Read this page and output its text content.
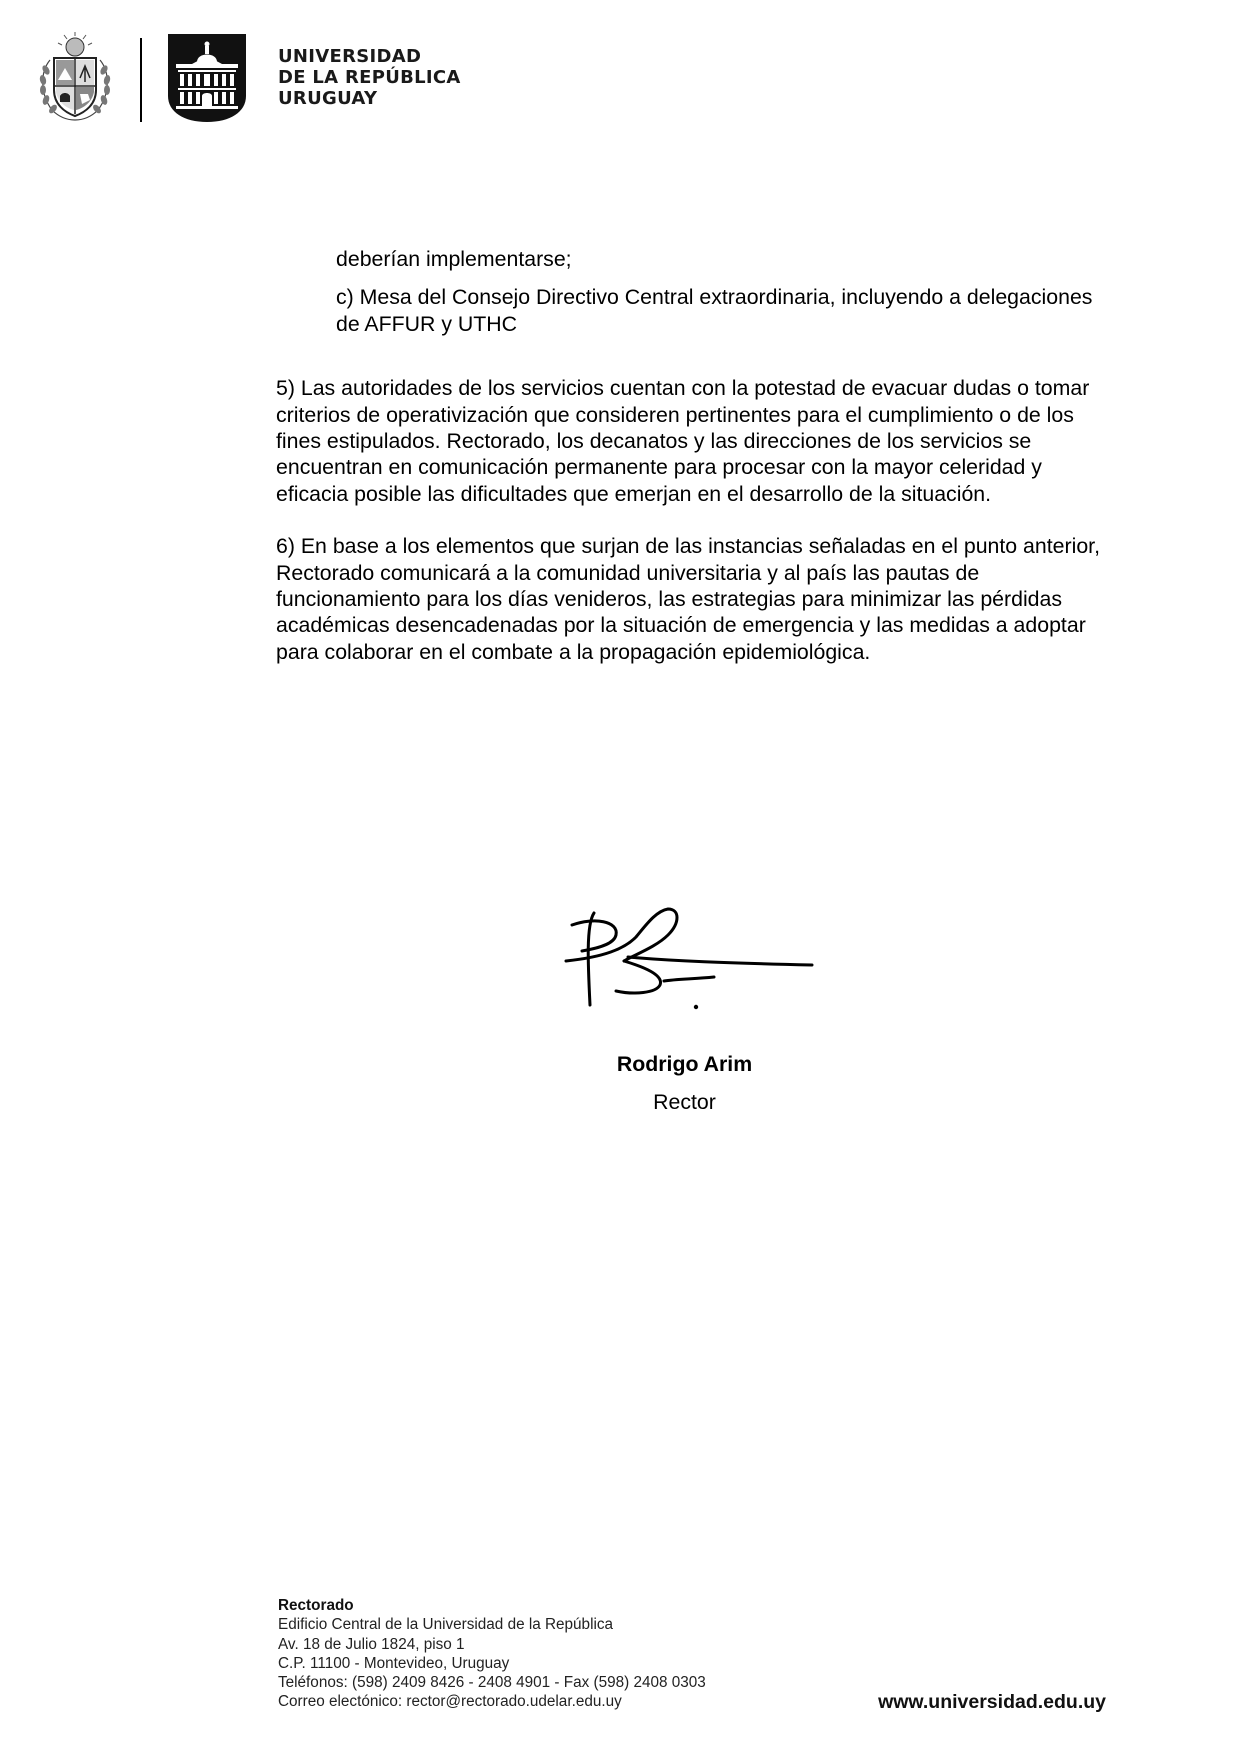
UNIVERSIDAD
DE LA REPÚBLICA
URUGUAY

deberían implementarse;

c) Mesa del Consejo Directivo Central extraordinaria, incluyendo a delegaciones de AFFUR y UTHC

5) Las autoridades de los servicios cuentan con la potestad de evacuar dudas o tomar criterios de operativización que consideren pertinentes para el cumplimiento o de los fines estipulados. Rectorado, los decanatos y las direcciones de los servicios se encuentran en comunicación permanente para procesar con la mayor celeridad y eficacia posible las dificultades que emerjan en el desarrollo de la situación.

6) En base a los elementos que surjan de las instancias señaladas en el punto anterior, Rectorado comunicará a la comunidad universitaria y al país las pautas de funcionamiento para los días venideros, las estrategias para minimizar las pérdidas académicas desencadenadas por la situación de emergencia y las medidas a adoptar para colaborar en el combate a la propagación epidemiológica.

Rodrigo Arim
Rector
Rectorado
Edificio Central de la Universidad de la República
Av. 18 de Julio 1824, piso 1
C.P. 11100 - Montevideo, Uruguay
Teléfonos: (598) 2409 8426 - 2408 4901 - Fax (598) 2408 0303
Correo electónico: rector@rectorado.udelar.edu.uy	www.universidad.edu.uy
